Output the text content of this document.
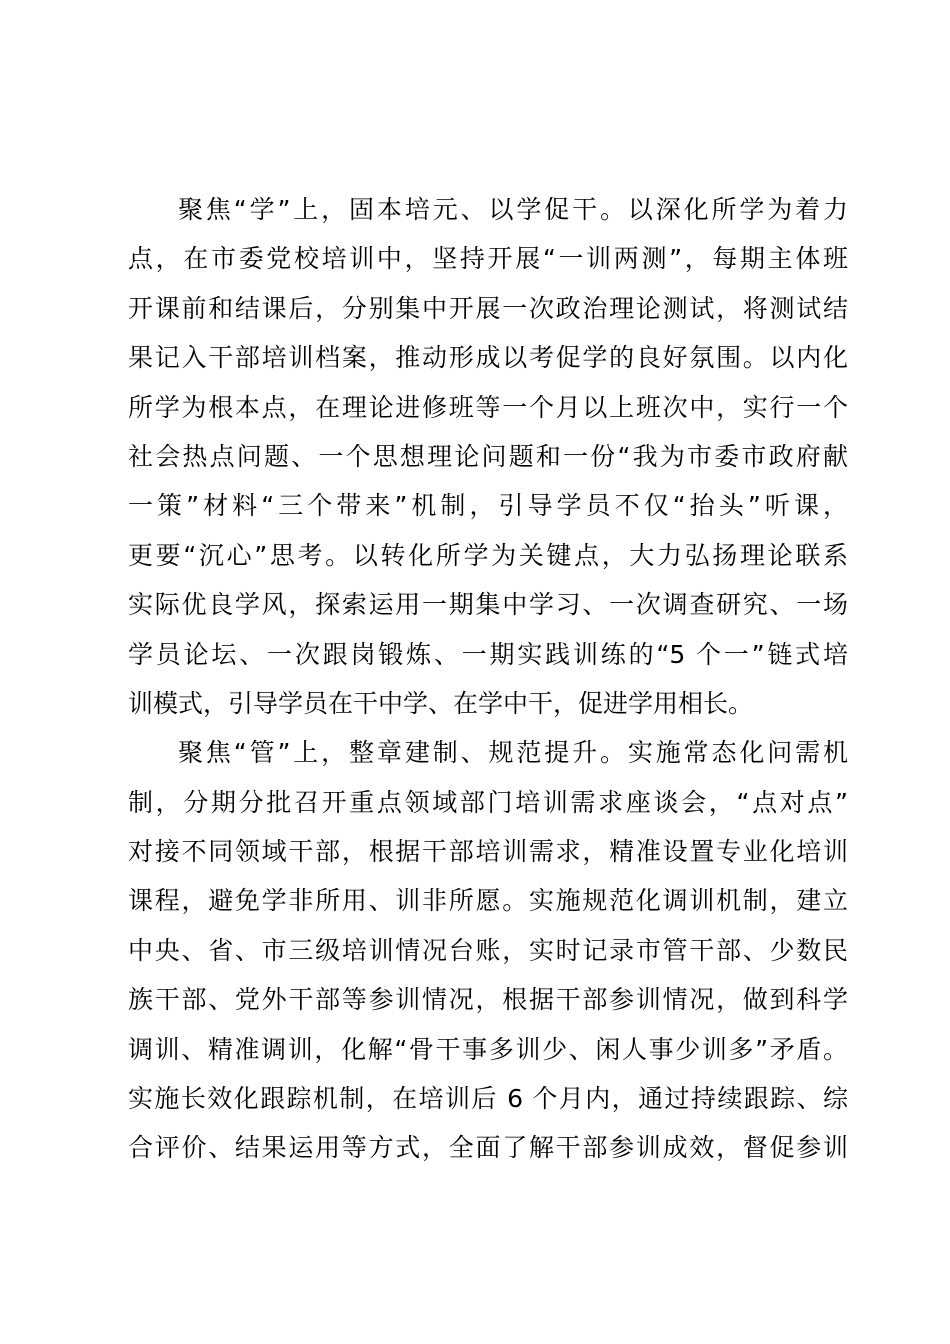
聚焦“学”上，固本培元、以学促干。以深化所学为着力
点，在市委党校培训中，坚持开展“一训两测”，每期主体班
开课前和结课后，分别集中开展一次政治理论测试，将测试结
果记入干部培训档案，推动形成以考促学的良好氛围。以内化
所学为根本点，在理论进修班等一个月以上班次中，实行一个
社会热点问题、一个思想理论问题和一份“我为市委市政府献
一策”材料“三个带来”机制，引导学员不仅“抬头”听课，
更要“沉心”思考。以转化所学为关键点，大力弘扬理论联系
实际优良学风，探索运用一期集中学习、一次调查研究、一场
学员论坛、一次跟岗锻炼、一期实践训练的“5 个一”链式培
训模式，引导学员在干中学、在学中干，促进学用相长。
聚焦“管”上，整章建制、规范提升。实施常态化问需机
制，分期分批召开重点领域部门培训需求座谈会，“点对点”
对接不同领域干部，根据干部培训需求，精准设置专业化培训
课程，避免学非所用、训非所愿。实施规范化调训机制，建立
中央、省、市三级培训情况台账，实时记录市管干部、少数民
族干部、党外干部等参训情况，根据干部参训情况，做到科学
调训、精准调训，化解“骨干事多训少、闲人事少训多”矛盾。
实施长效化跟踪机制，在培训后 6 个月内，通过持续跟踪、综
合评价、结果运用等方式，全面了解干部参训成效，督促参训
